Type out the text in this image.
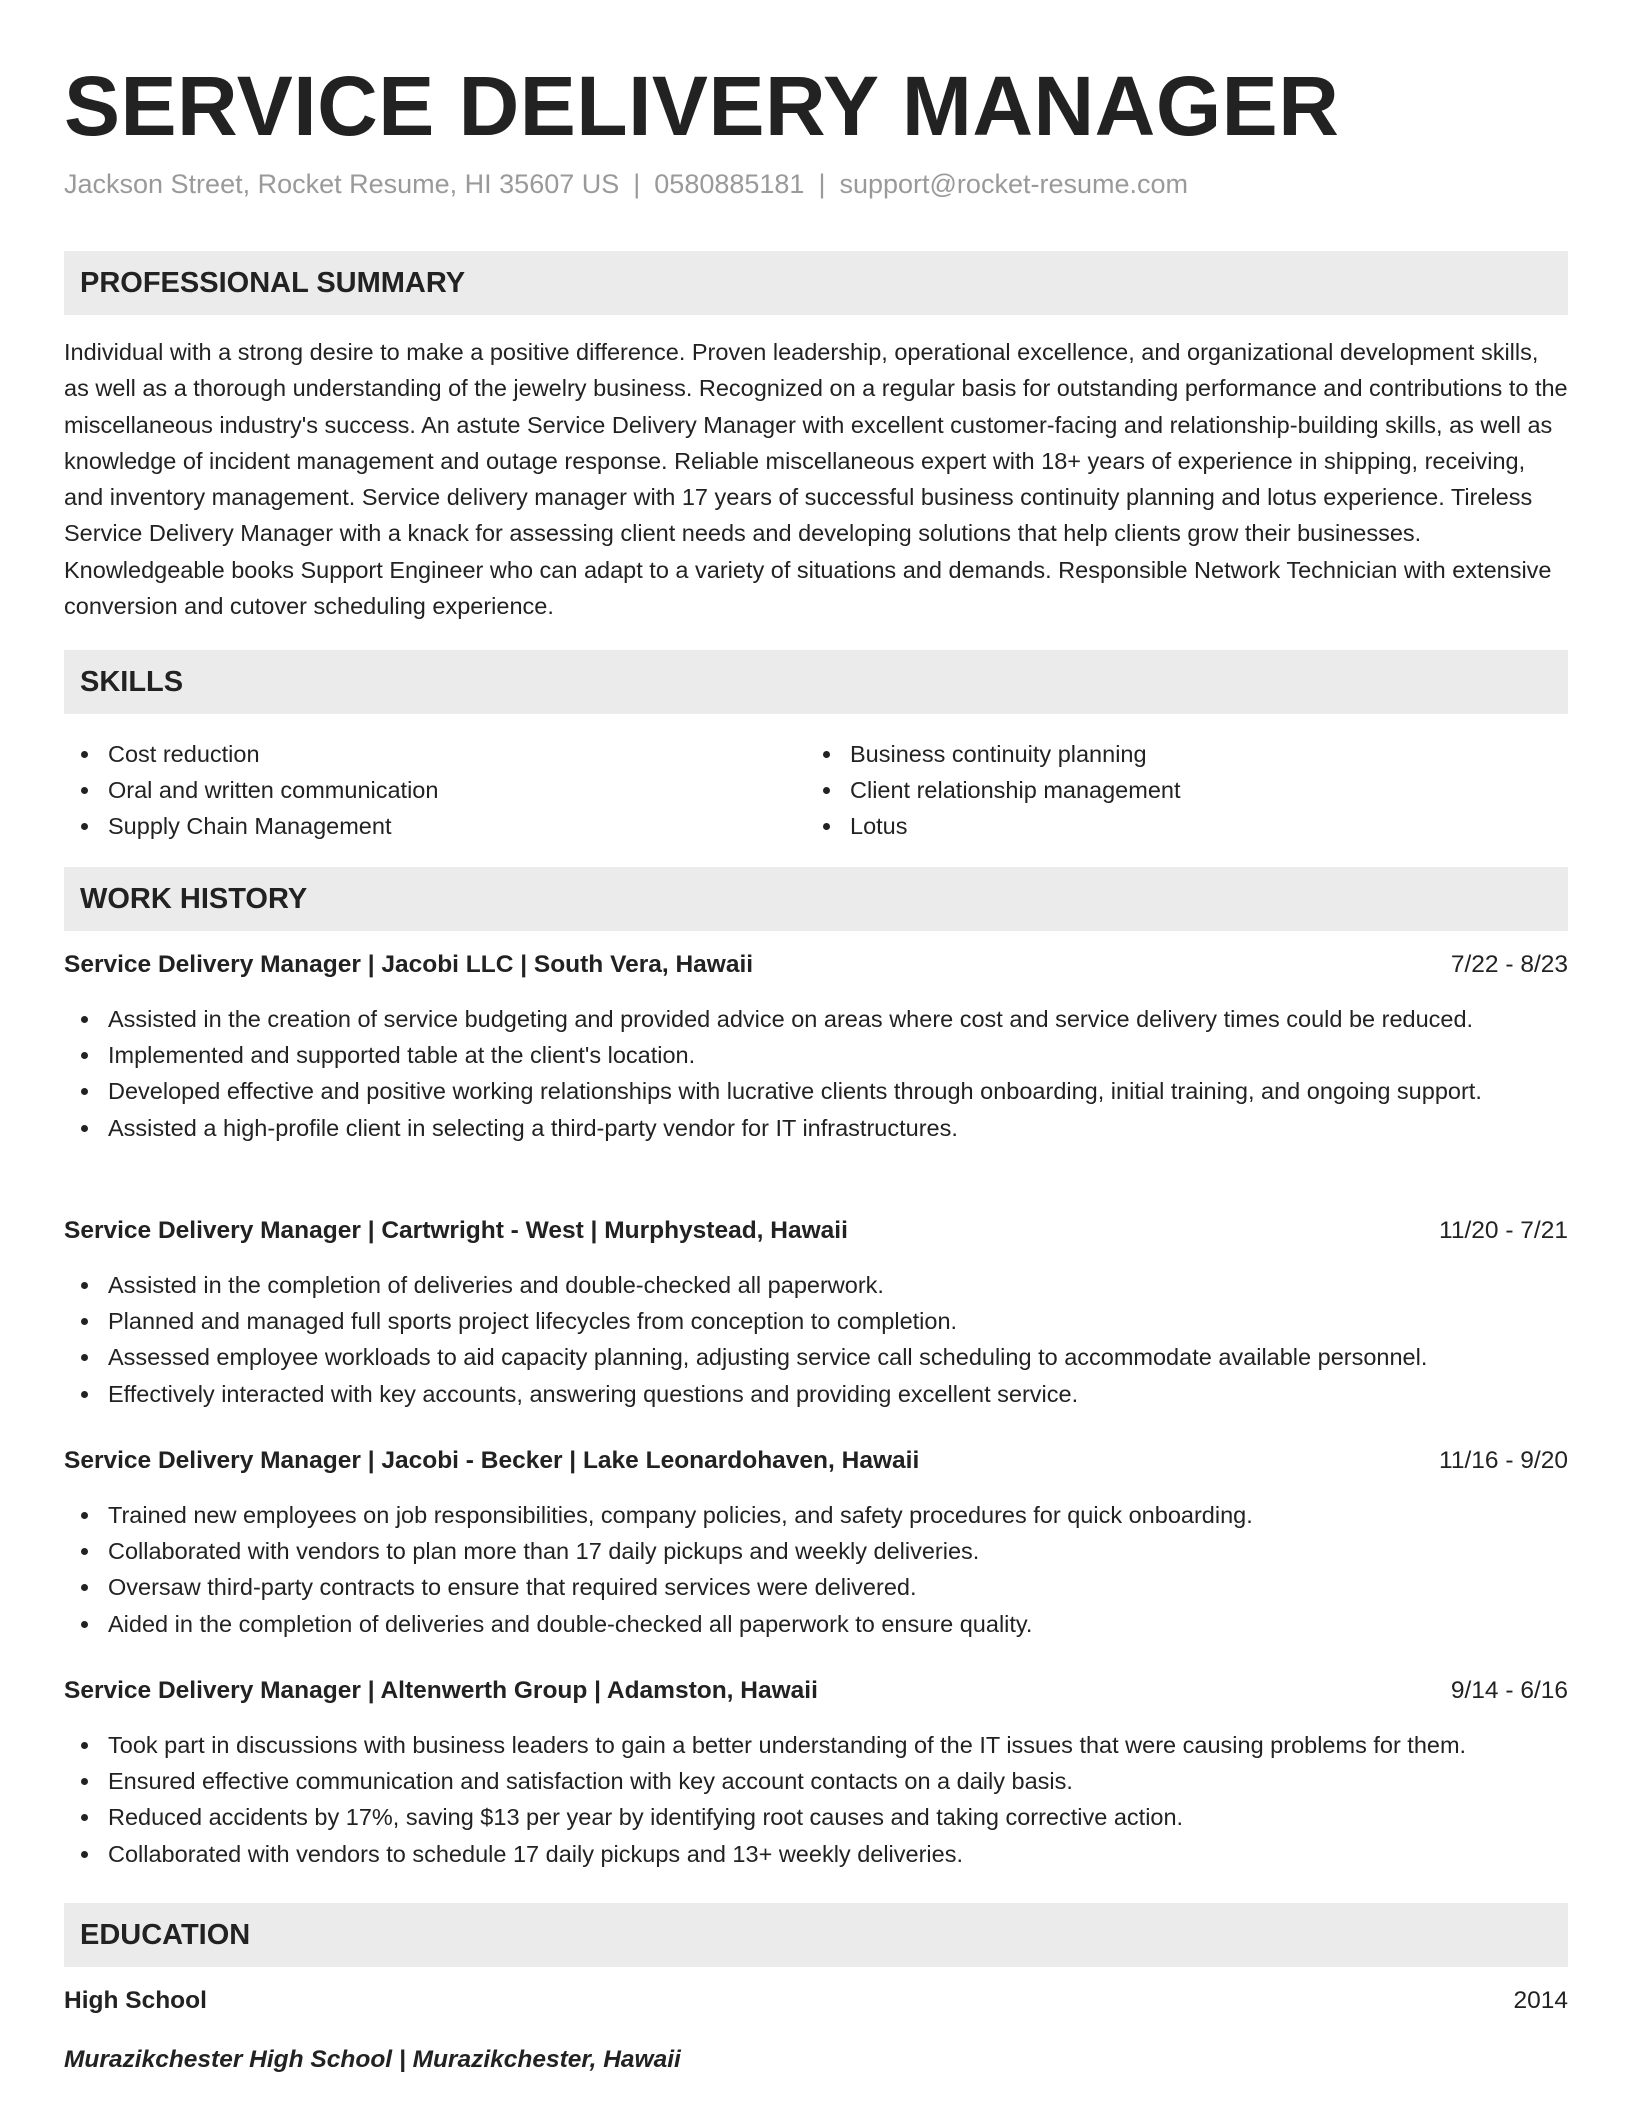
SERVICE DELIVERY MANAGER
Jackson Street, Rocket Resume, HI 35607 US | 0580885181 | support@rocket-resume.com
PROFESSIONAL SUMMARY

Individual with a strong desire to make a positive difference. Proven leadership, operational excellence, and organizational development skills, as well as a thorough understanding of the jewelry business. Recognized on a regular basis for outstanding performance and contributions to the miscellaneous industry's success. An astute Service Delivery Manager with excellent customer-facing and relationship-building skills, as well as knowledge of incident management and outage response. Reliable miscellaneous expert with 18+ years of experience in shipping, receiving, and inventory management. Service delivery manager with 17 years of successful business continuity planning and lotus experience. Tireless Service Delivery Manager with a knack for assessing client needs and developing solutions that help clients grow their businesses. Knowledgeable books Support Engineer who can adapt to a variety of situations and demands. Responsible Network Technician with extensive conversion and cutover scheduling experience.

SKILLS
Cost reduction
Oral and written communication
Supply Chain Management
Business continuity planning
Client relationship management
Lotus
WORK HISTORY
Service Delivery Manager | Jacobi LLC | South Vera, Hawaii	7/22 - 8/23
Assisted in the creation of service budgeting and provided advice on areas where cost and service delivery times could be reduced.
Implemented and supported table at the client's location.
Developed effective and positive working relationships with lucrative clients through onboarding, initial training, and ongoing support.
Assisted a high-profile client in selecting a third-party vendor for IT infrastructures.
Service Delivery Manager | Cartwright - West | Murphystead, Hawaii	11/20 - 7/21
Assisted in the completion of deliveries and double-checked all paperwork.
Planned and managed full sports project lifecycles from conception to completion.
Assessed employee workloads to aid capacity planning, adjusting service call scheduling to accommodate available personnel.
Effectively interacted with key accounts, answering questions and providing excellent service.
Service Delivery Manager | Jacobi - Becker | Lake Leonardohaven, Hawaii	11/16 - 9/20
Trained new employees on job responsibilities, company policies, and safety procedures for quick onboarding.
Collaborated with vendors to plan more than 17 daily pickups and weekly deliveries.
Oversaw third-party contracts to ensure that required services were delivered.
Aided in the completion of deliveries and double-checked all paperwork to ensure quality.
Service Delivery Manager | Altenwerth Group | Adamston, Hawaii	9/14 - 6/16
Took part in discussions with business leaders to gain a better understanding of the IT issues that were causing problems for them.
Ensured effective communication and satisfaction with key account contacts on a daily basis.
Reduced accidents by 17%, saving $13 per year by identifying root causes and taking corrective action.
Collaborated with vendors to schedule 17 daily pickups and 13+ weekly deliveries.
EDUCATION
High School	2014
Murazikchester High School | Murazikchester, Hawaii
